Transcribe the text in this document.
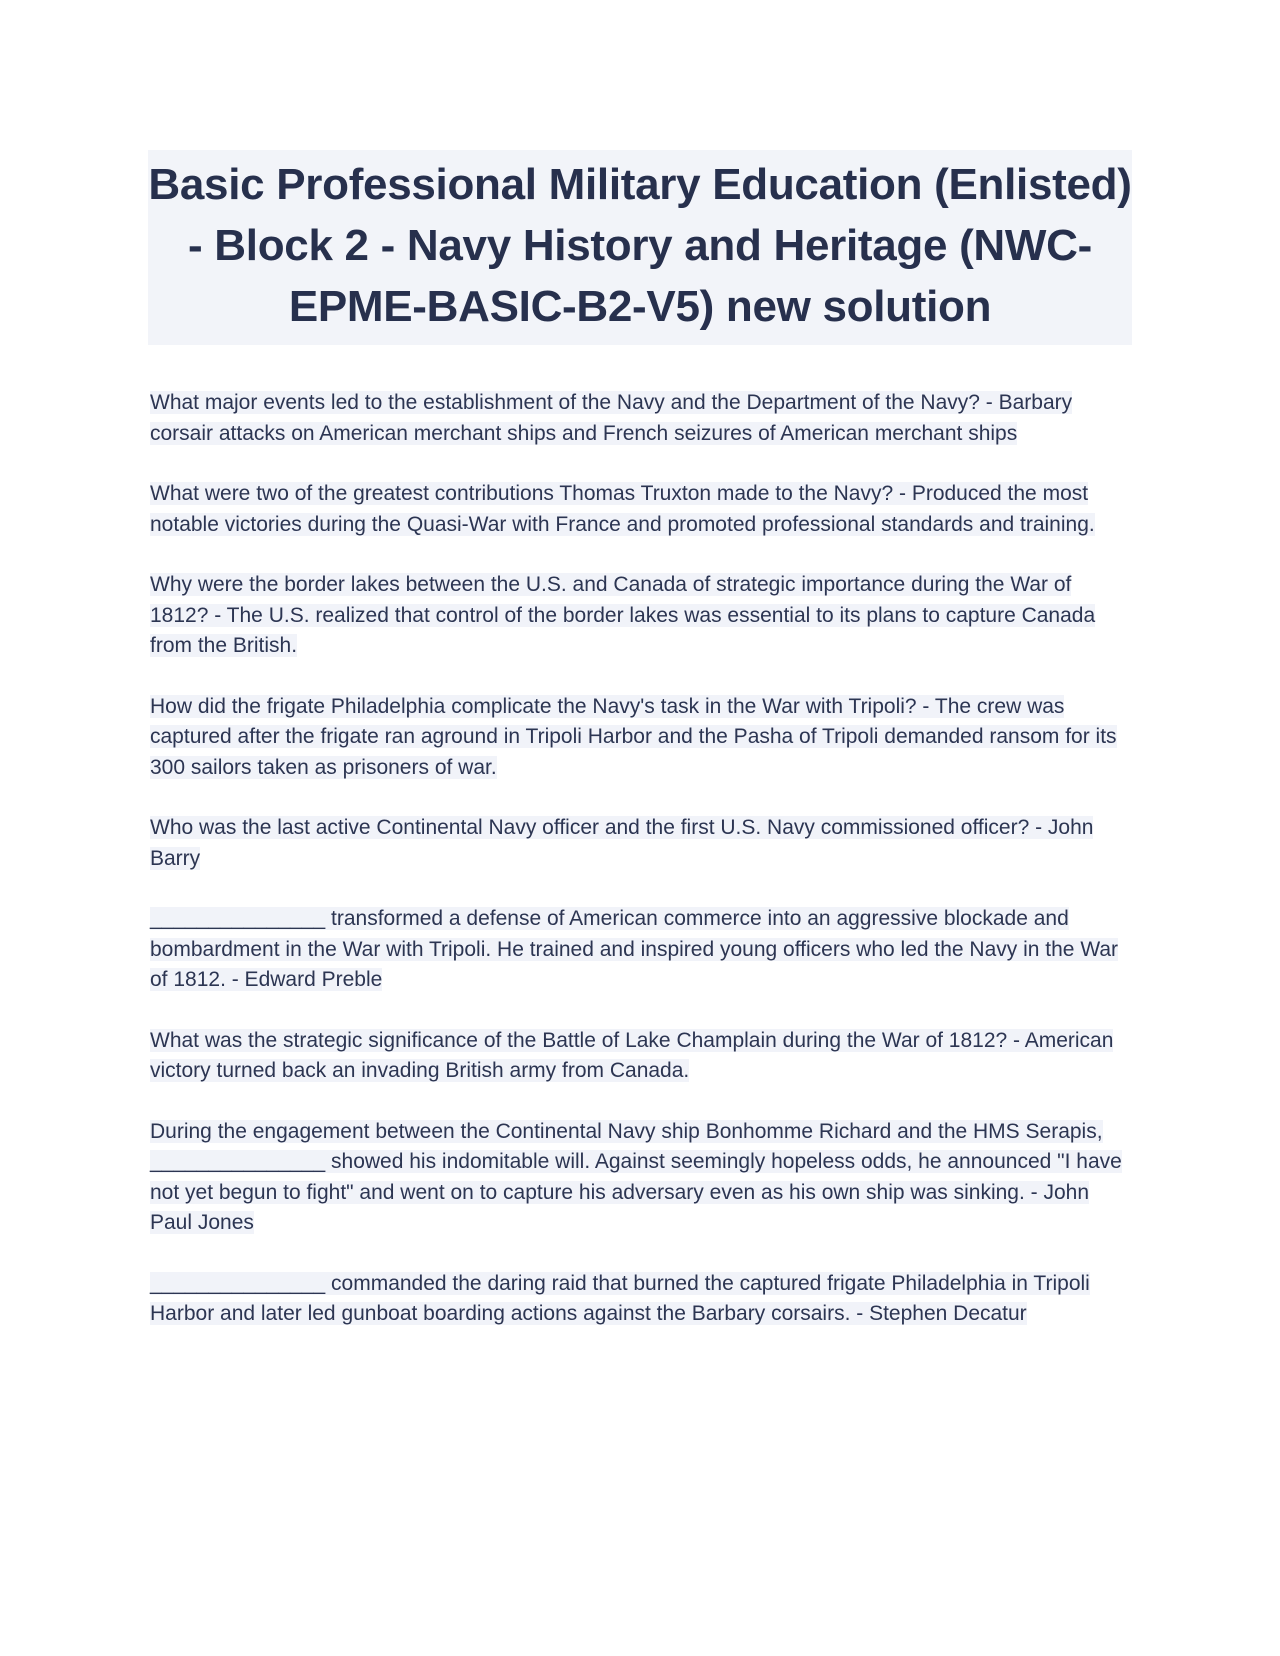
Basic Professional Military Education (Enlisted) - Block 2 - Navy History and Heritage (NWC-EPME-BASIC-B2-V5) new solution

What major events led to the establishment of the Navy and the Department of the Navy? - Barbary corsair attacks on American merchant ships and French seizures of American merchant ships

What were two of the greatest contributions Thomas Truxton made to the Navy? - Produced the most notable victories during the Quasi-War with France and promoted professional standards and training.

Why were the border lakes between the U.S. and Canada of strategic importance during the War of 1812? - The U.S. realized that control of the border lakes was essential to its plans to capture Canada from the British.

How did the frigate Philadelphia complicate the Navy's task in the War with Tripoli? - The crew was captured after the frigate ran aground in Tripoli Harbor and the Pasha of Tripoli demanded ransom for its 300 sailors taken as prisoners of war.

Who was the last active Continental Navy officer and the first U.S. Navy commissioned officer? - John Barry

_______________ transformed a defense of American commerce into an aggressive blockade and bombardment in the War with Tripoli. He trained and inspired young officers who led the Navy in the War of 1812. - Edward Preble

What was the strategic significance of the Battle of Lake Champlain during the War of 1812? - American victory turned back an invading British army from Canada.

During the engagement between the Continental Navy ship Bonhomme Richard and the HMS Serapis, _______________ showed his indomitable will. Against seemingly hopeless odds, he announced "I have not yet begun to fight" and went on to capture his adversary even as his own ship was sinking. - John Paul Jones

_______________ commanded the daring raid that burned the captured frigate Philadelphia in Tripoli Harbor and later led gunboat boarding actions against the Barbary corsairs. - Stephen Decatur
